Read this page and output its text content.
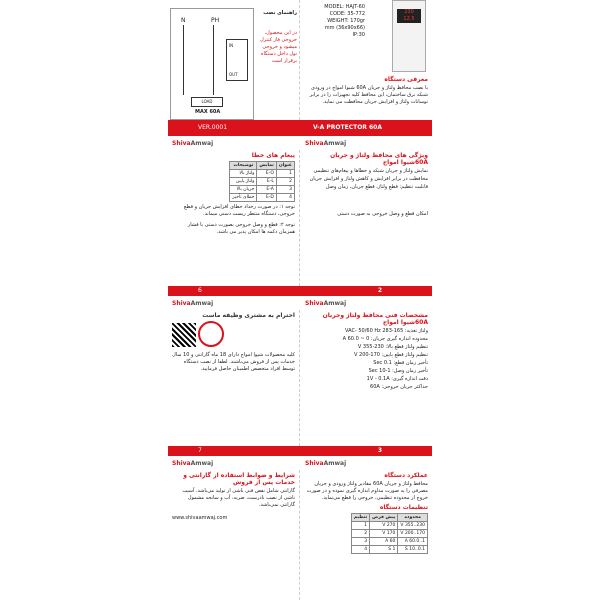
N	PH
IN
OUT
LOAD
MAX 60A
در این محصول، خروجی فاز کنترل میشود و خروجی نول داخل دستگاه برقرار است
راهنمای نصب	230
12.5
MODEL: HAJT-60
CODE: 35-772
WEIGHT: 170gr
(36x90x66) mm
IP:30
معرفی دستگاه
با نصب محافظ ولتاژ و جریان 60A شیوا امواج در ورودی شبکه برق ساختمان، این محافظ کلیه تجهیزات را در برابر نوسانات ولتاژ و افزایش جریان محافظت می نماید.
V-A PROTECTOR 60A
VER.0001
ShivaAmwaj	ShivaAmwaj
پیغام های خطا
عنوان	نمایش	توضیحات
1	E-O	ولتاژ بالا
2	E-L	ولتاژ پایین
3	E-A	جریان بالا
4	E-D	خطای تأخیر
توجه ۱: در صورت رخداد خطای افزایش جریان و قطع خروجی، دستگاه منتظر ریست دستی میماند.
توجه ۲: قطع و وصل خروجی بصورت دستی با فشار همزمان دکمه ها امکان پذیر می باشد.
ویژگی های محافظ ولتاژ و جریان 60Aشیوا امواج
نمایش ولتاژ و جریان شبکه و خطاها و پیغام‌های تنظیمی
محافظت در برابر افزایش و کاهش ولتاژ و افزایش جریان
قابلیت تنظیم: قطع ولتاژ، قطع جریان، زمان وصل
امکان قطع و وصل خروجی به صورت دستی
6	2
ShivaAmwaj	ShivaAmwaj
احترام به مشتری وظیفه ماست

کلیه محصولات شیوا امواج دارای 18 ماه گارانتی و 10 سال خدمات پس از فروش می‌باشند. لطفا از نصب دستگاه توسط افراد متخصص اطمینان حاصل فرمایید.
مشخصات فنی محافظ ولتاژ وجریان 60Aشیوا امواج
ولتاژ تغذیه: 165-283 VAC- 50/60 Hz
محدوده اندازه گیری جریان: 0 ~ 60.0 A
تنظیم ولتاژ قطع بالا: 230-355 V
تنظیم ولتاژ قطع پایین: 170-200 V
تأخیر زمان قطع: 0.1 Sec
تأخیر زمان وصل: 1-10 Sec
دقت اندازه گیری: 1V - 0.1A
حداکثر جریان خروجی: 60A
7	3
ShivaAmwaj	ShivaAmwaj
شرایط و ضوابط استفاده از گارانتی و خدمات پس از فروش
گارانتی شامل نقص فنی ناشی از تولید می‌باشد. آسیب ناشی از نصب نادرست، ضربه، آب و سانحه مشمول گارانتی نمی‌باشد.
www.shivaamwaj.com
عملکرد دستگاه
محافظ ولتاژ و جریان 60A مقادیر ولتاژ ورودی و جریان مصرفی را به صورت مداوم اندازه گیری نموده و در صورت خروج از محدوده تنظیمی، خروجی را قطع می‌نماید.
تنظیمات دستگاه
محدوده	پیش فرض	تنظیم
230..355 V	270 V	1
170..200 V	170 V	2
1..60.0 A	60 A	3
0.1..10 S	1 S	4
